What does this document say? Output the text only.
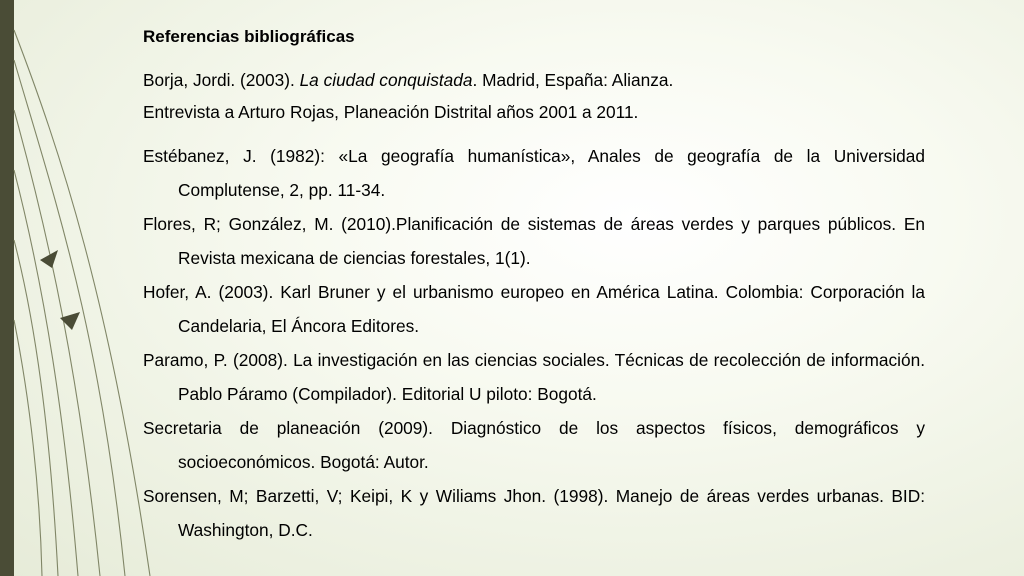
Referencias bibliográficas
Borja, Jordi. (2003). La ciudad conquistada. Madrid, España: Alianza.
Entrevista a Arturo Rojas, Planeación Distrital años 2001 a 2011.
Estébanez, J. (1982): «La geografía humanística», Anales de geografía de la Universidad Complutense, 2, pp. 11-34.
Flores, R; González, M. (2010).Planificación de sistemas de áreas verdes y parques públicos. En Revista mexicana de ciencias forestales, 1(1).
Hofer, A. (2003). Karl Bruner y el urbanismo europeo en América Latina. Colombia: Corporación la Candelaria, El Áncora Editores.
Paramo, P. (2008). La investigación en las ciencias sociales. Técnicas de recolección de información. Pablo Páramo (Compilador). Editorial U piloto: Bogotá.
Secretaria de planeación (2009). Diagnóstico de los aspectos físicos, demográficos y socioeconómicos. Bogotá: Autor.
Sorensen, M; Barzetti, V; Keipi, K y Wiliams Jhon. (1998). Manejo de áreas verdes urbanas. BID: Washington, D.C.
